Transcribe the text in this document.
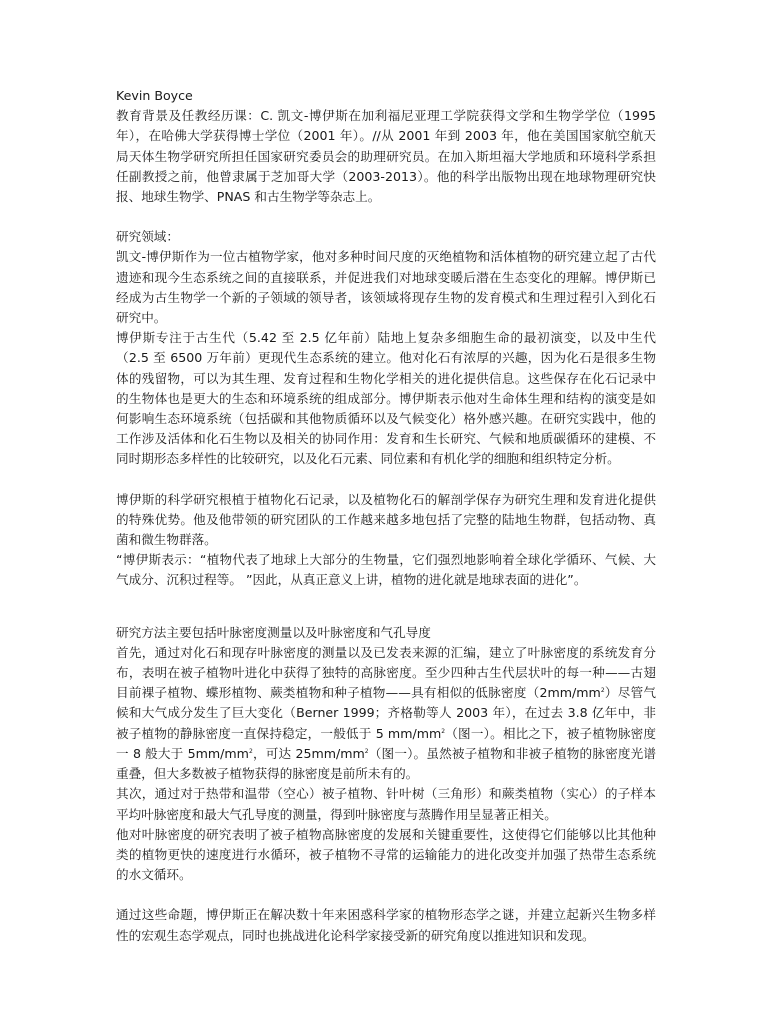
Kevin Boyce

教育背景及任教经历课：C. 凯文-博伊斯在加利福尼亚理工学院获得文学和生物学学位（1995 年），在哈佛大学获得博士学位（2001 年）。//从 2001 年到 2003 年，他在美国国家航空航天局天体生物学研究所担任国家研究委员会的助理研究员。在加入斯坦福大学地质和环境科学系担任副教授之前，他曾隶属于芝加哥大学（2003-2013）。他的科学出版物出现在地球物理研究快报、地球生物学、PNAS 和古生物学等杂志上。

研究领域：

凯文-博伊斯作为一位古植物学家，他对多种时间尺度的灭绝植物和活体植物的研究建立起了古代遗迹和现今生态系统之间的直接联系，并促进我们对地球变暖后潜在生态变化的理解。博伊斯已经成为古生物学一个新的子领域的领导者，该领域将现存生物的发育模式和生理过程引入到化石研究中。

博伊斯专注于古生代（5.42 至 2.5 亿年前）陆地上复杂多细胞生命的最初演变，以及中生代（2.5 至 6500 万年前）更现代生态系统的建立。他对化石有浓厚的兴趣，因为化石是很多生物体的残留物，可以为其生理、发育过程和生物化学相关的进化提供信息。这些保存在化石记录中的生物体也是更大的生态和环境系统的组成部分。博伊斯表示他对生命体生理和结构的演变是如何影响生态环境系统（包括碳和其他物质循环以及气候变化）格外感兴趣。在研究实践中，他的工作涉及活体和化石生物以及相关的协同作用：发育和生长研究、气候和地质碳循环的建模、不同时期形态多样性的比较研究，以及化石元素、同位素和有机化学的细胞和组织特定分析。

博伊斯的科学研究根植于植物化石记录，以及植物化石的解剖学保存为研究生理和发育进化提供的特殊优势。他及他带领的研究团队的工作越来越多地包括了完整的陆地生物群，包括动物、真菌和微生物群落。

“博伊斯表示：“植物代表了地球上大部分的生物量，它们强烈地影响着全球化学循环、气候、大气成分、沉积过程等。 ”因此，从真正意义上讲，植物的进化就是地球表面的进化”。

研究方法主要包括叶脉密度测量以及叶脉密度和气孔导度

首先，通过对化石和现存叶脉密度的测量以及已发表来源的汇编，建立了叶脉密度的系统发育分布，表明在被子植物叶进化中获得了独特的高脉密度。至少四种古生代层状叶的每一种——古翅目前裸子植物、蝶形植物、蕨类植物和种子植物——具有相似的低脉密度$(2mm/mm^2)$尽管气候和大气成分发生了巨大变化（Berner 1999；齐格勒等人 2003 年），在过去 3.8 亿年中，非被子植物的静脉密度一直保持稳定，一般低于 5 $mm/mm^2$（图一）。相比之下，被子植物脉密度一 8 般大于 $5mm/mm^2$，可达 $25mm/mm^2$（图一）。虽然被子植物和非被子植物的脉密度光谱重叠，但大多数被子植物获得的脉密度是前所未有的。

其次，通过对于热带和温带（空心）被子植物、针叶树（三角形）和蕨类植物（实心）的子样本平均叶脉密度和最大气孔导度的测量，得到叶脉密度与蒸腾作用呈显著正相关。

他对叶脉密度的研究表明了被子植物高脉密度的发展和关键重要性，这使得它们能够以比其他种类的植物更快的速度进行水循环，被子植物不寻常的运输能力的进化改变并加强了热带生态系统的水文循环。

通过这些命题，博伊斯正在解决数十年来困惑科学家的植物形态学之谜，并建立起新兴生物多样性的宏观生态学观点，同时也挑战进化论科学家接受新的研究角度以推进知识和发现。
